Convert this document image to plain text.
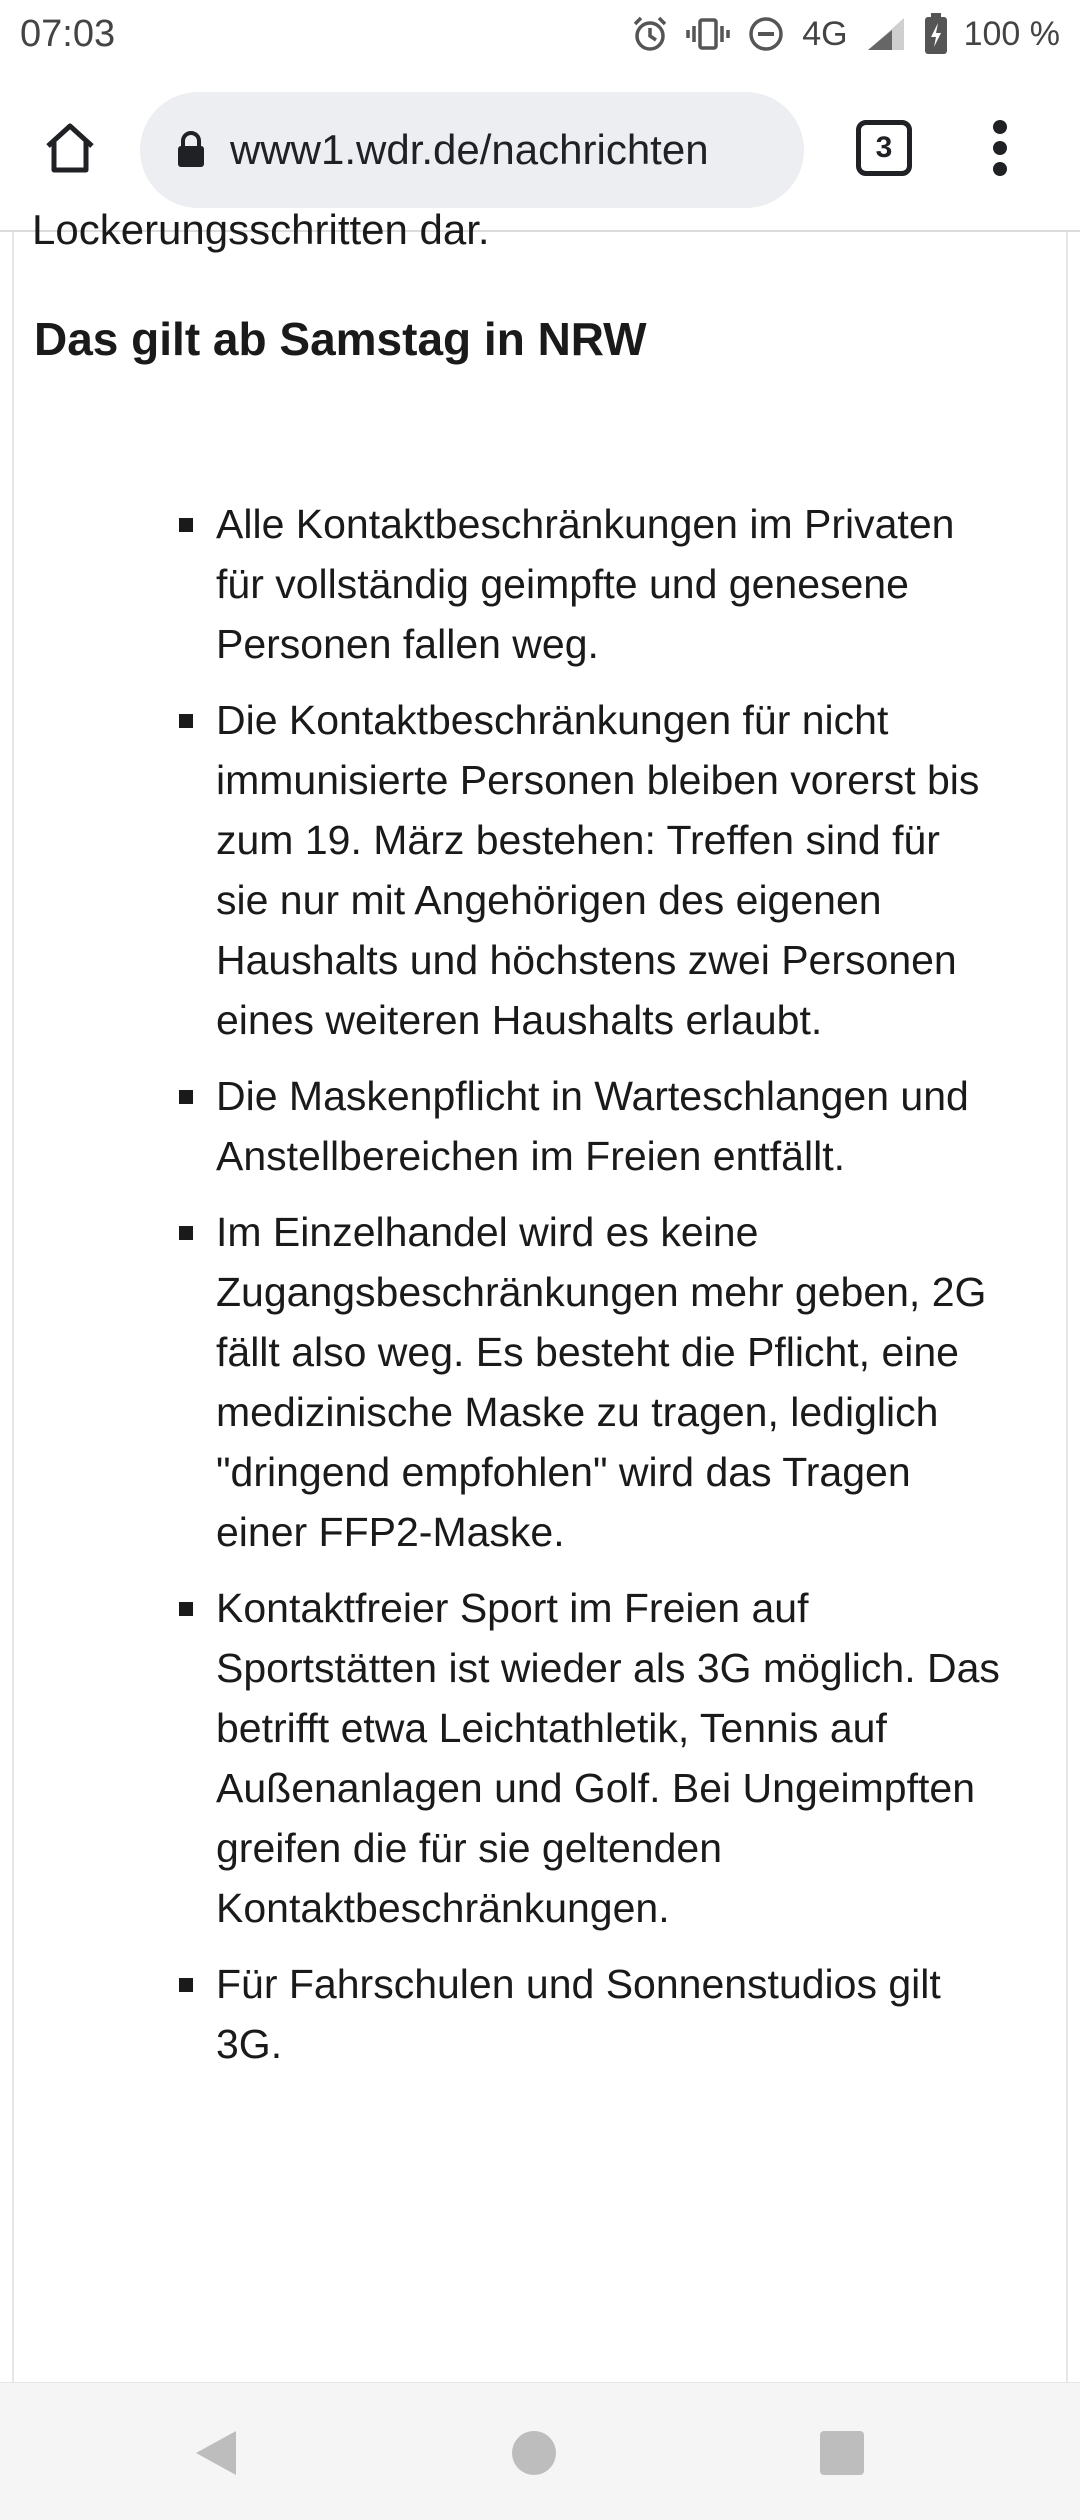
07:03	4G	100 %
www1.wdr.de/nachrichten	3
Lockerungsschritten dar.
Das gilt ab Samstag in NRW
Alle Kontaktbeschränkungen im Privaten für vollständig geimpfte und genesene Personen fallen weg.
Die Kontaktbeschränkungen für nicht immunisierte Personen bleiben vorerst bis zum 19. März bestehen: Treffen sind für sie nur mit Angehörigen des eigenen Haushalts und höchstens zwei Personen eines weiteren Haushalts erlaubt.
Die Maskenpflicht in Warteschlangen und Anstellbereichen im Freien entfällt.
Im Einzelhandel wird es keine Zugangsbeschränkungen mehr geben, 2G fällt also weg. Es besteht die Pflicht, eine medizinische Maske zu tragen, lediglich "dringend empfohlen" wird das Tragen einer FFP2-Maske.
Kontaktfreier Sport im Freien auf Sportstätten ist wieder als 3G möglich. Das betrifft etwa Leichtathletik, Tennis auf Außenanlagen und Golf. Bei Ungeimpften greifen die für sie geltenden Kontaktbeschränkungen.
Für Fahrschulen und Sonnenstudios gilt 3G.
